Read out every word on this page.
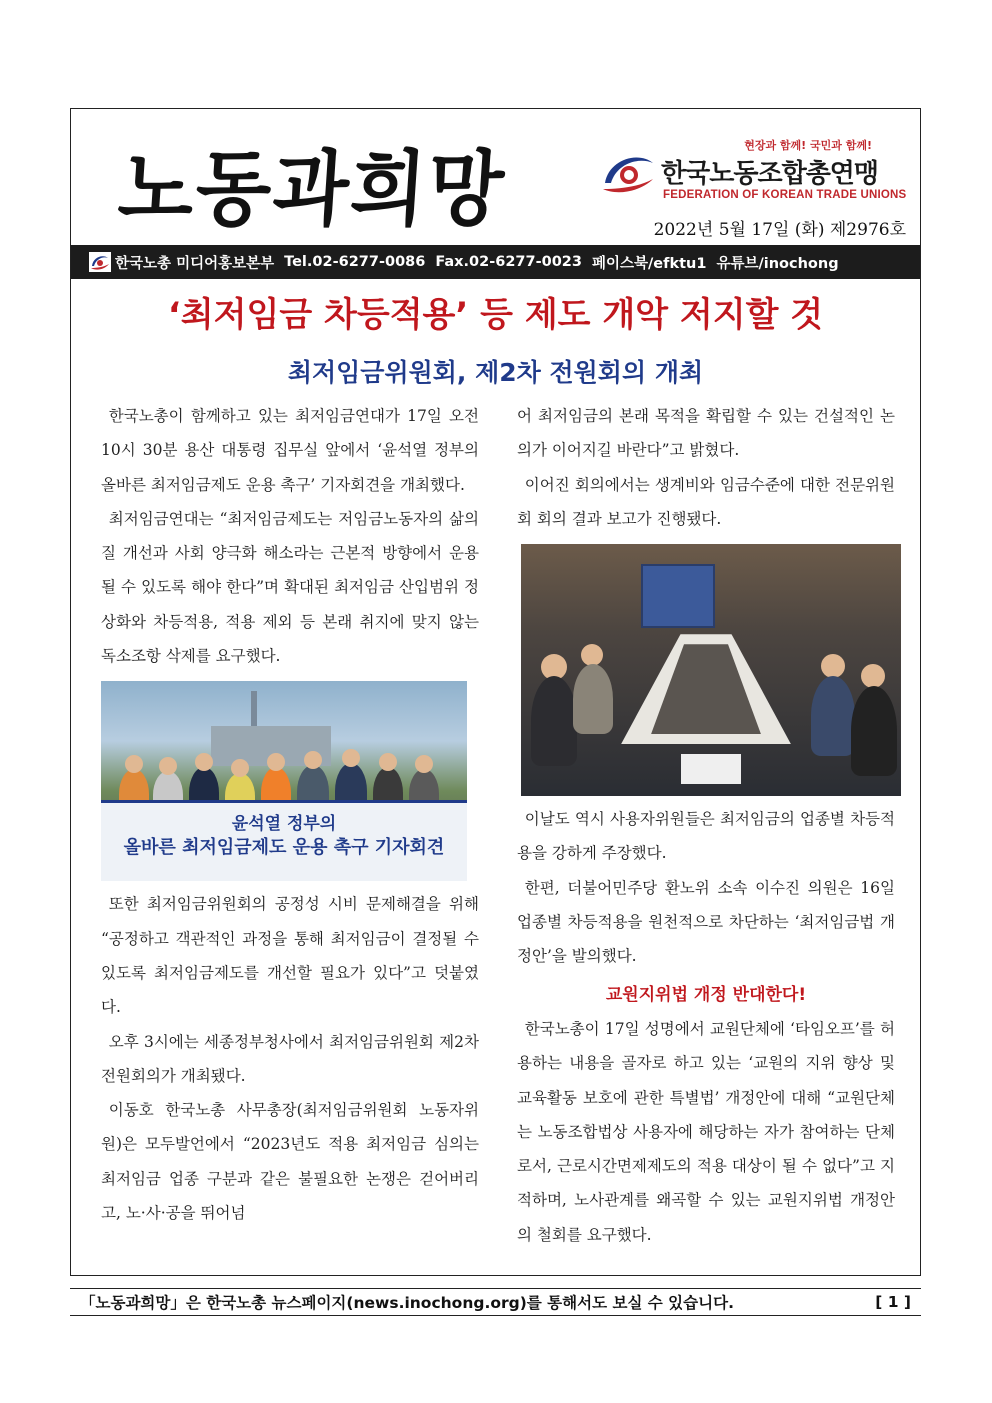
노동과희망	현장과 함께! 국민과 함께!
한국노동조합총연맹
FEDERATION OF KOREAN TRADE UNIONS
2022년 5월 17일 (화) 제2976호
한국노총 미디어홍보본부 Tel.02-6277-0086 Fax.02-6277-0023 페이스북/efktu1 유튜브/inochong
‘최저임금 차등적용’ 등 제도 개악 저지할 것
최저임금위원회, 제2차 전원회의 개최

한국노총이 함께하고 있는 최저임금연대가 17일 오전 10시 30분 용산 대통령 집무실 앞에서 ‘윤석열 정부의 올바른 최저임금제도 운용 촉구’ 기자회견을 개최했다.

최저임금연대는 “최저임금제도는 저임금노동자의 삶의 질 개선과 사회 양극화 해소라는 근본적 방향에서 운용될 수 있도록 해야 한다”며 확대된 최저임금 산입범위 정상화와 차등적용, 적용 제외 등 본래 취지에 맞지 않는 독소조항 삭제를 요구했다.

윤석열 정부의
올바른 최저임금제도 운용 촉구 기자회견

또한 최저임금위원회의 공정성 시비 문제해결을 위해 “공정하고 객관적인 과정을 통해 최저임금이 결정될 수 있도록 최저임금제도를 개선할 필요가 있다”고 덧붙였다.

오후 3시에는 세종정부청사에서 최저임금위원회 제2차 전원회의가 개최됐다.

이동호 한국노총 사무총장(최저임금위원회 노동자위원)은 모두발언에서 “2023년도 적용 최저임금 심의는 최저임금 업종 구분과 같은 불필요한 논쟁은 걷어버리고, 노·사·공을 뛰어넘

어 최저임금의 본래 목적을 확립할 수 있는 건설적인 논의가 이어지길 바란다”고 밝혔다.

이어진 회의에서는 생계비와 임금수준에 대한 전문위원회 회의 결과 보고가 진행됐다.

이날도 역시 사용자위원들은 최저임금의 업종별 차등적용을 강하게 주장했다.

한편, 더불어민주당 환노위 소속 이수진 의원은 16일 업종별 차등적용을 원천적으로 차단하는 ‘최저임금법 개정안’을 발의했다.

교원지위법 개정 반대한다!

한국노총이 17일 성명에서 교원단체에 ‘타임오프’를 허용하는 내용을 골자로 하고 있는 ‘교원의 지위 향상 및 교육활동 보호에 관한 특별법’ 개정안에 대해 “교원단체는 노동조합법상 사용자에 해당하는 자가 참여하는 단체로서, 근로시간면제제도의 적용 대상이 될 수 없다”고 지적하며, 노사관계를 왜곡할 수 있는 교원지위법 개정안의 철회를 요구했다.

「노동과희망」은 한국노총 뉴스페이지(news.inochong.org)를 통해서도 보실 수 있습니다.	[ 1 ]
